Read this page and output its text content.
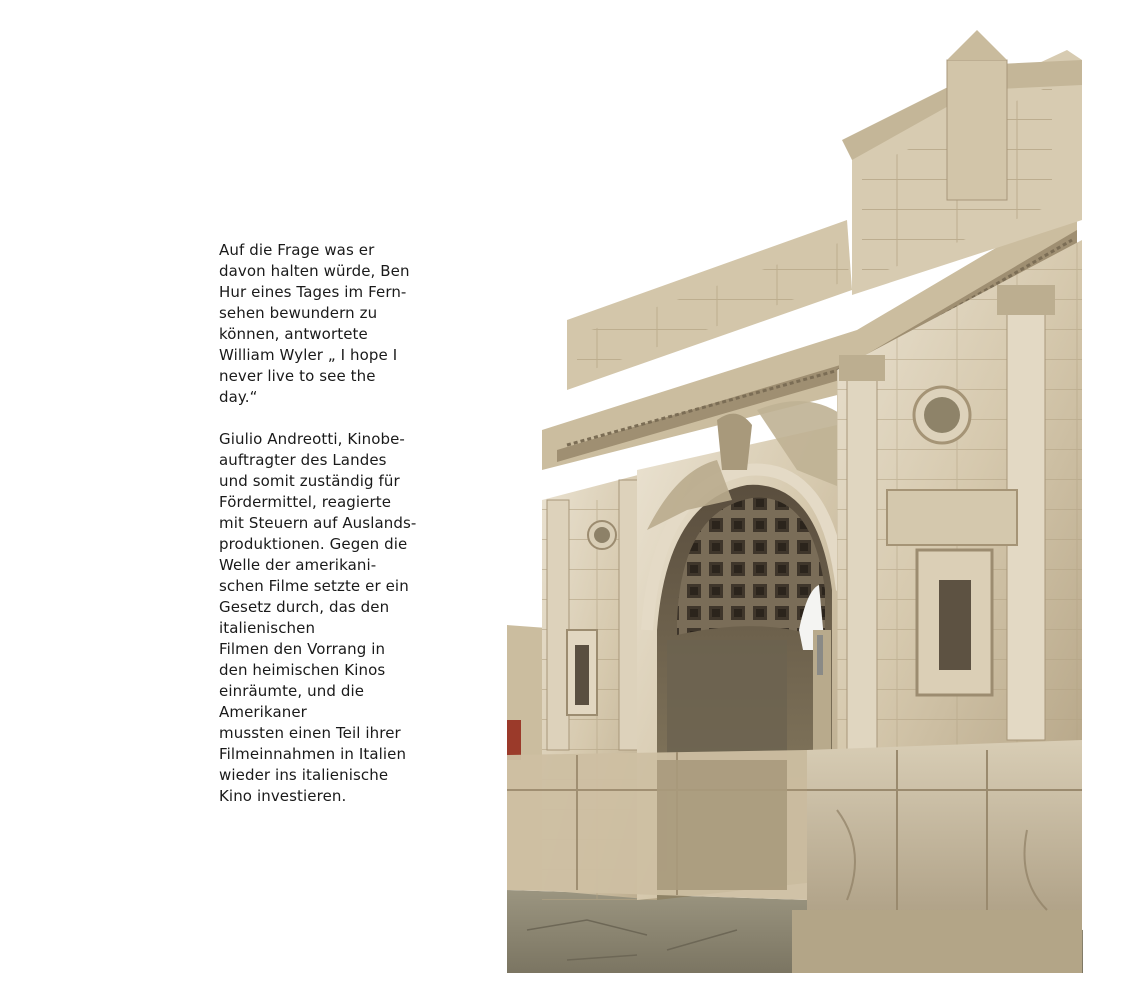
Auf die Frage was er
davon halten würde, Ben
Hur eines Tages im Fern-
sehen bewundern zu
können, antwortete
William Wyler „ I hope I
never live to see the
day.“
Giulio Andreotti, Kinobe-
auftragter des Landes
und somit zuständig für
Fördermittel, reagierte
mit Steuern auf Auslands-
produktionen. Gegen die
Welle der amerikani-
schen Filme setzte er ein
Gesetz durch, das den
italienischen
Filmen den Vorrang in
den heimischen Kinos
einräumte, und die
Amerikaner
mussten einen Teil ihrer
Filmeinnahmen in Italien
wieder ins italienische
Kino investieren.
